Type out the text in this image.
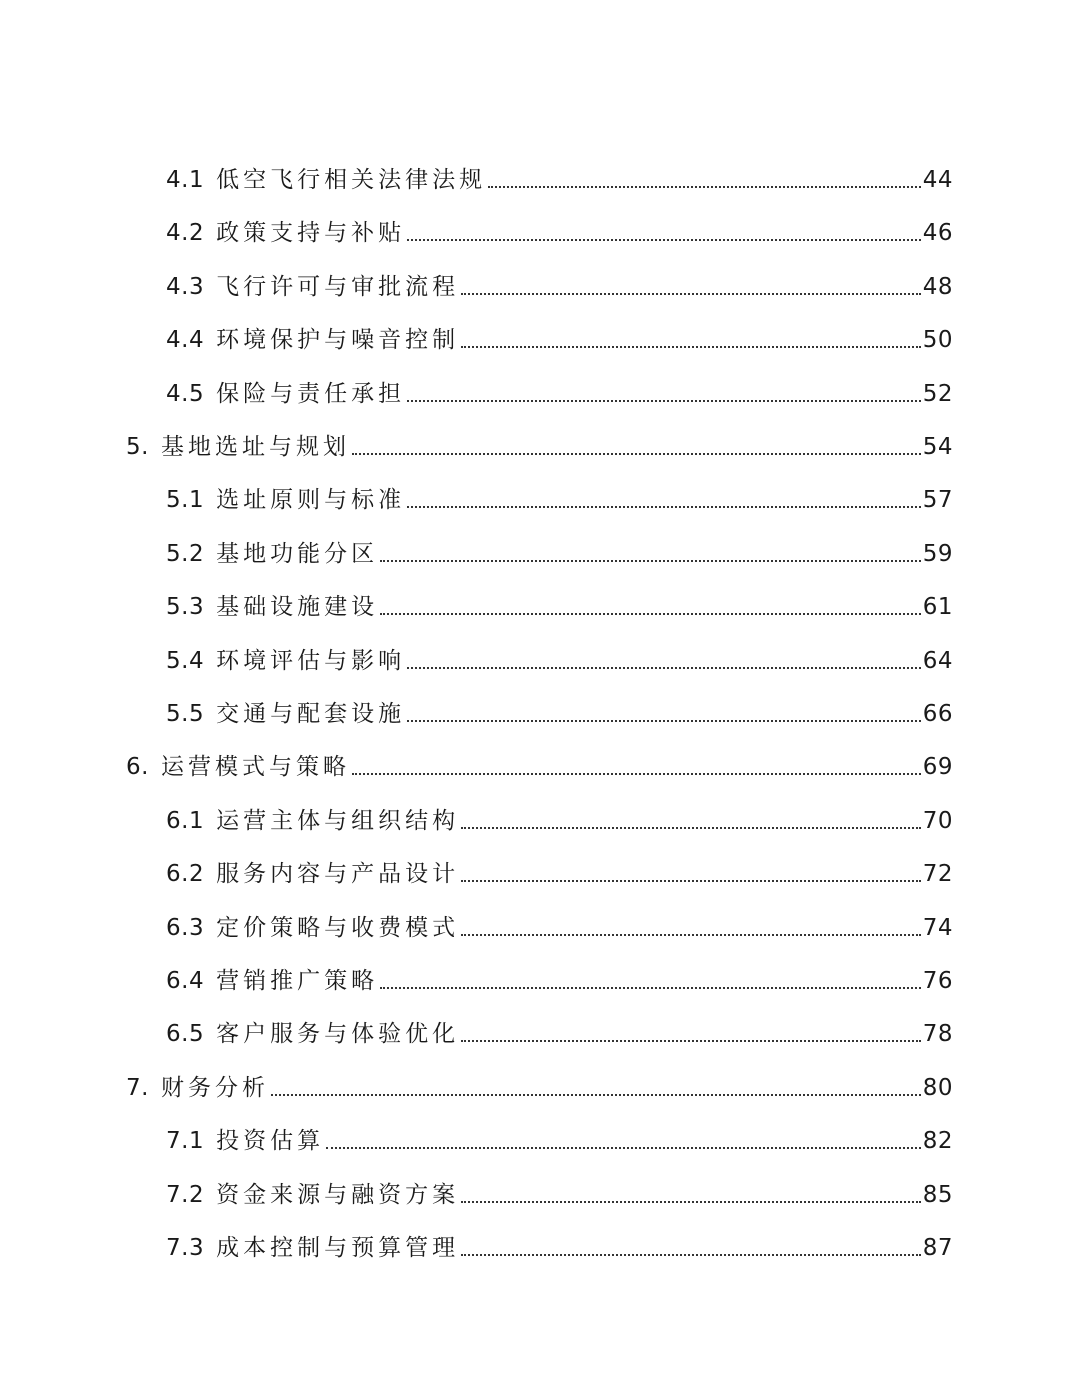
4.1 低空飞行相关法律法规	44
4.2 政策支持与补贴	46
4.3 飞行许可与审批流程	48
4.4 环境保护与噪音控制	50
4.5 保险与责任承担	52
5. 基地选址与规划	54
5.1 选址原则与标准	57
5.2 基地功能分区	59
5.3 基础设施建设	61
5.4 环境评估与影响	64
5.5 交通与配套设施	66
6. 运营模式与策略	69
6.1 运营主体与组织结构	70
6.2 服务内容与产品设计	72
6.3 定价策略与收费模式	74
6.4 营销推广策略	76
6.5 客户服务与体验优化	78
7. 财务分析	80
7.1 投资估算	82
7.2 资金来源与融资方案	85
7.3 成本控制与预算管理	87
